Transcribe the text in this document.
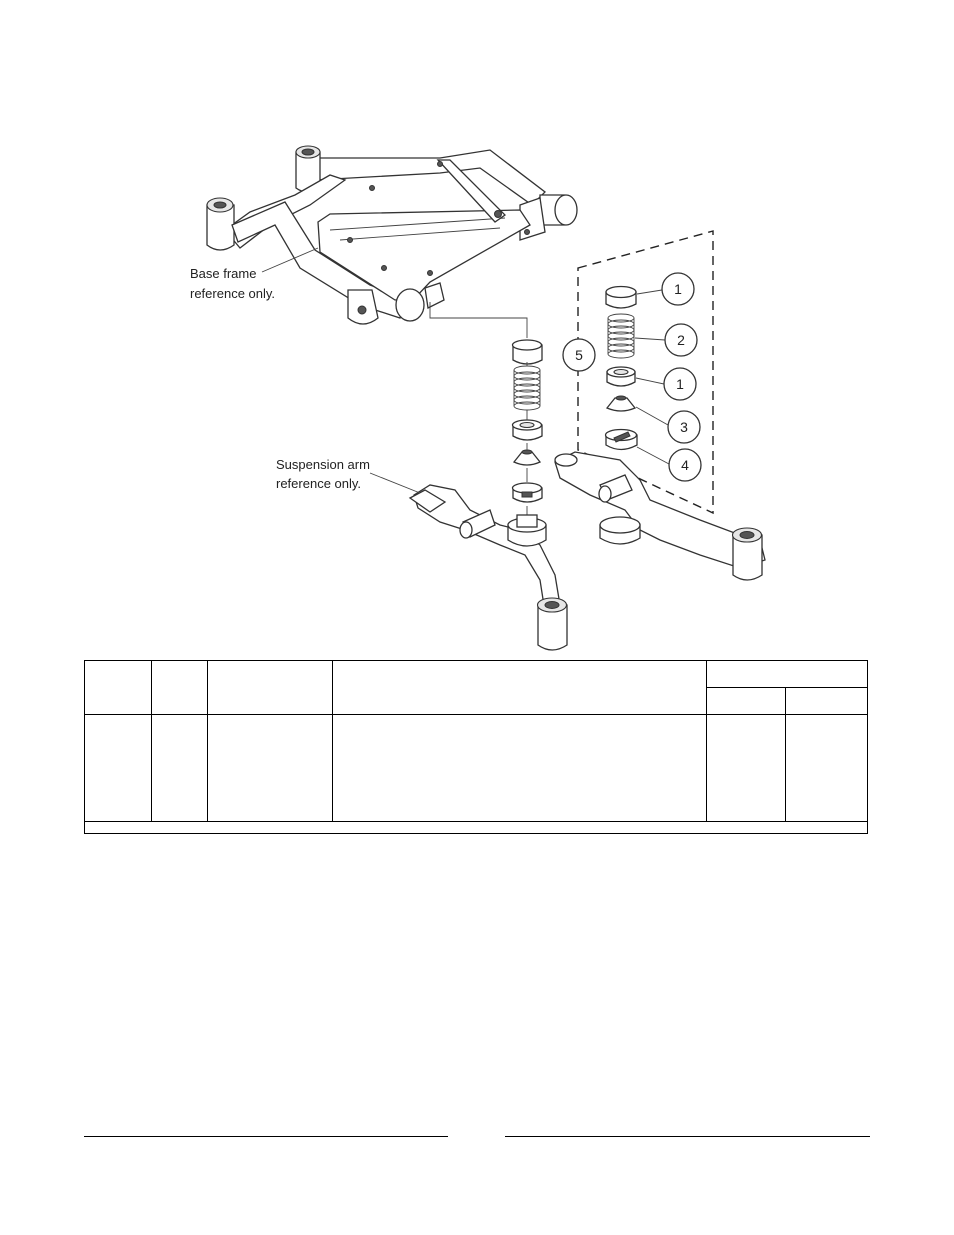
Base frame
reference only.
Suspension arm
reference only.
1
2
1
3
4
5
